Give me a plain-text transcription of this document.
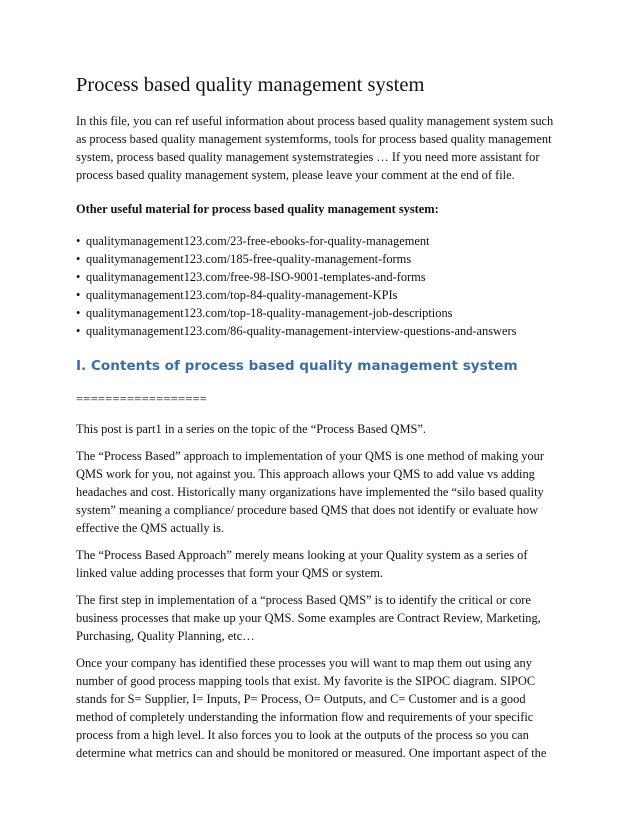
Process based quality management system

In this file, you can ref useful information about process based quality management system such
as process based quality management systemforms, tools for process based quality management
system, process based quality management systemstrategies … If you need more assistant for
process based quality management system, please leave your comment at the end of file.

Other useful material for process based quality management system:
• qualitymanagement123.com/23-free-ebooks-for-quality-management
• qualitymanagement123.com/185-free-quality-management-forms
• qualitymanagement123.com/free-98-ISO-9001-templates-and-forms
• qualitymanagement123.com/top-84-quality-management-KPIs
• qualitymanagement123.com/top-18-quality-management-job-descriptions
• qualitymanagement123.com/86-quality-management-interview-questions-and-answers
I. Contents of process based quality management system
==================

This post is part1 in a series on the topic of the “Process Based QMS”.

The “Process Based” approach to implementation of your QMS is one method of making your
QMS work for you, not against you. This approach allows your QMS to add value vs adding
headaches and cost. Historically many organizations have implemented the “silo based quality
system” meaning a compliance/ procedure based QMS that does not identify or evaluate how
effective the QMS actually is.

The “Process Based Approach” merely means looking at your Quality system as a series of
linked value adding processes that form your QMS or system.

The first step in implementation of a “process Based QMS” is to identify the critical or core
business processes that make up your QMS. Some examples are Contract Review, Marketing,
Purchasing, Quality Planning, etc…

Once your company has identified these processes you will want to map them out using any
number of good process mapping tools that exist. My favorite is the SIPOC diagram. SIPOC
stands for S= Supplier, I= Inputs, P= Process, O= Outputs, and C= Customer and is a good
method of completely understanding the information flow and requirements of your specific
process from a high level. It also forces you to look at the outputs of the process so you can
determine what metrics can and should be monitored or measured. One important aspect of the
